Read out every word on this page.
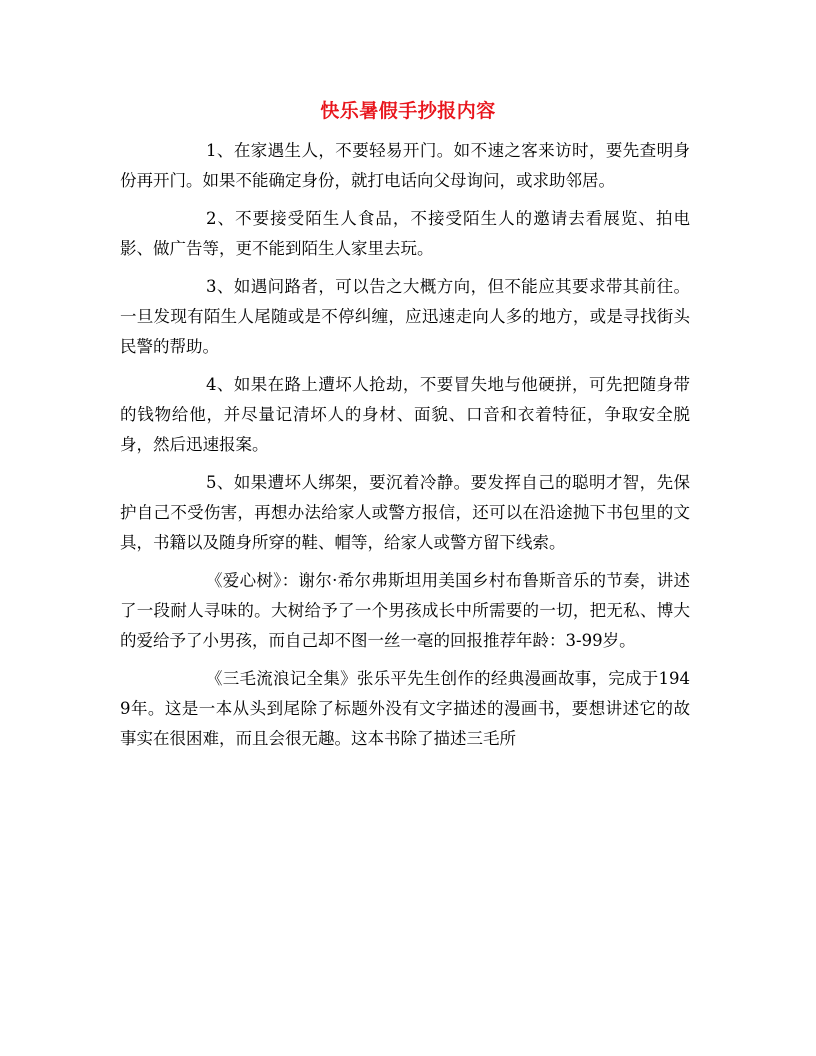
快乐暑假手抄报内容

1、在家遇生人，不要轻易开门。如不速之客来访时，要先查明身份再开门。如果不能确定身份，就打电话向父母询问，或求助邻居。

2、不要接受陌生人食品，不接受陌生人的邀请去看展览、拍电影、做广告等，更不能到陌生人家里去玩。

3、如遇问路者，可以告之大概方向，但不能应其要求带其前往。一旦发现有陌生人尾随或是不停纠缠，应迅速走向人多的地方，或是寻找街头民警的帮助。

4、如果在路上遭坏人抢劫，不要冒失地与他硬拼，可先把随身带的钱物给他，并尽量记清坏人的身材、面貌、口音和衣着特征，争取安全脱身，然后迅速报案。

5、如果遭坏人绑架，要沉着冷静。要发挥自己的聪明才智，先保护自己不受伤害，再想办法给家人或警方报信，还可以在沿途抛下书包里的文具，书籍以及随身所穿的鞋、帽等，给家人或警方留下线索。

《爱心树》：谢尔·希尔弗斯坦用美国乡村布鲁斯音乐的节奏，讲述了一段耐人寻味的。大树给予了一个男孩成长中所需要的一切，把无私、博大的爱给予了小男孩，而自己却不图一丝一毫的回报推荐年龄：3-99岁。

《三毛流浪记全集》张乐平先生创作的经典漫画故事，完成于1949年。这是一本从头到尾除了标题外没有文字描述的漫画书，要想讲述它的故事实在很困难，而且会很无趣。这本书除了描述三毛所
